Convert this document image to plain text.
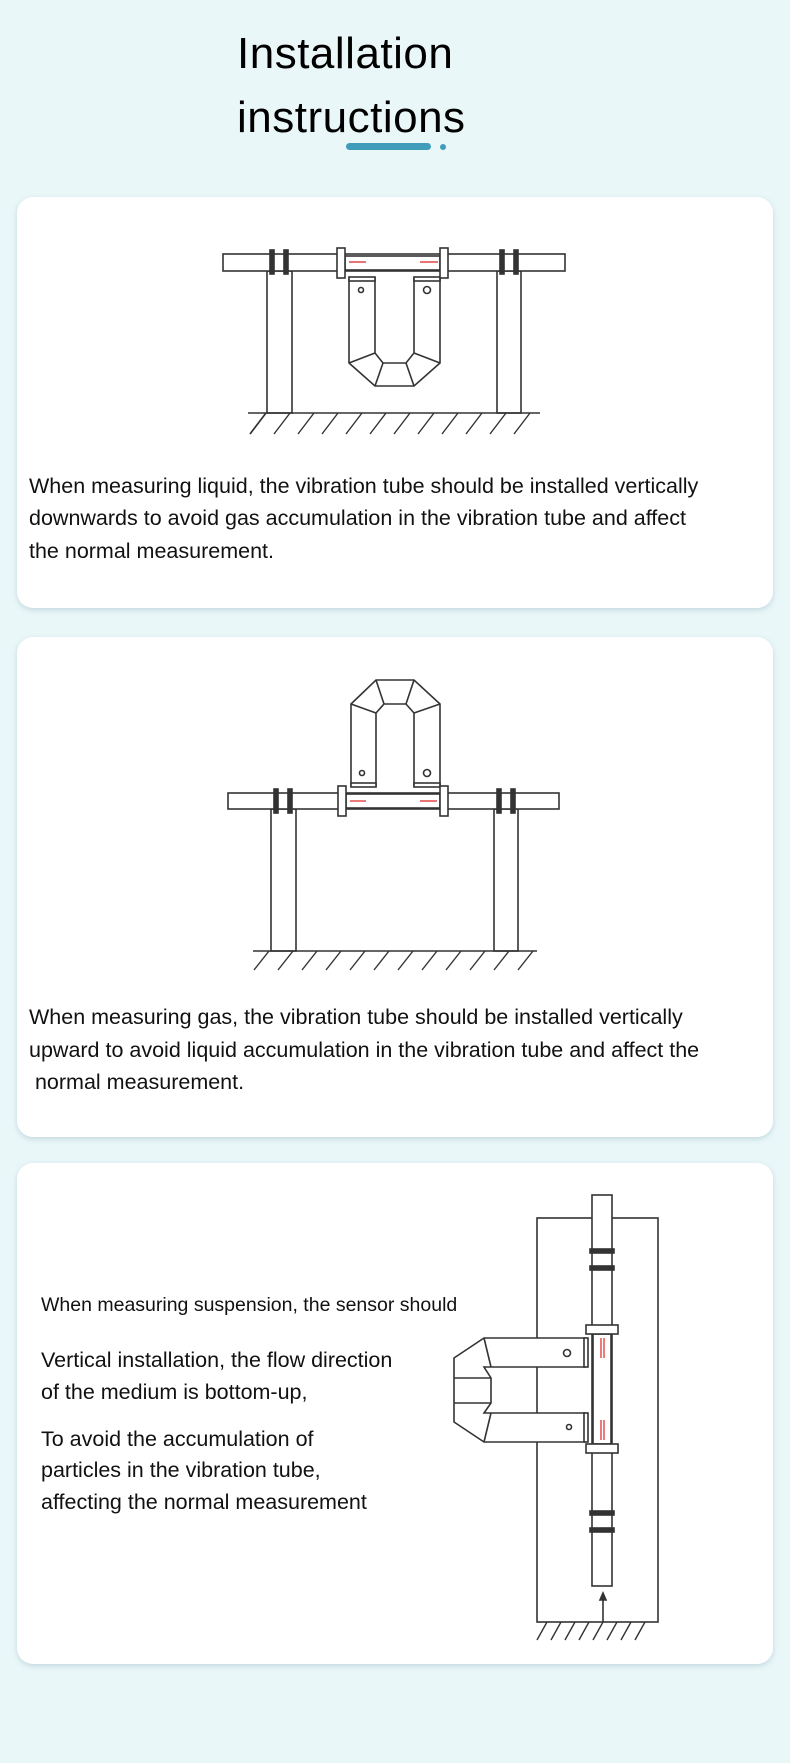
Installation
instructions
When measuring liquid, the vibration tube should be installed vertically
downwards to avoid gas accumulation in the vibration tube and affect
the normal measurement.
When measuring gas, the vibration tube should be installed vertically
upward to avoid liquid accumulation in the vibration tube and affect the
normal measurement.
When measuring suspension, the sensor should
Vertical installation, the flow direction
of the medium is bottom-up,
To avoid the accumulation of
particles in the vibration tube,
affecting the normal measurement
